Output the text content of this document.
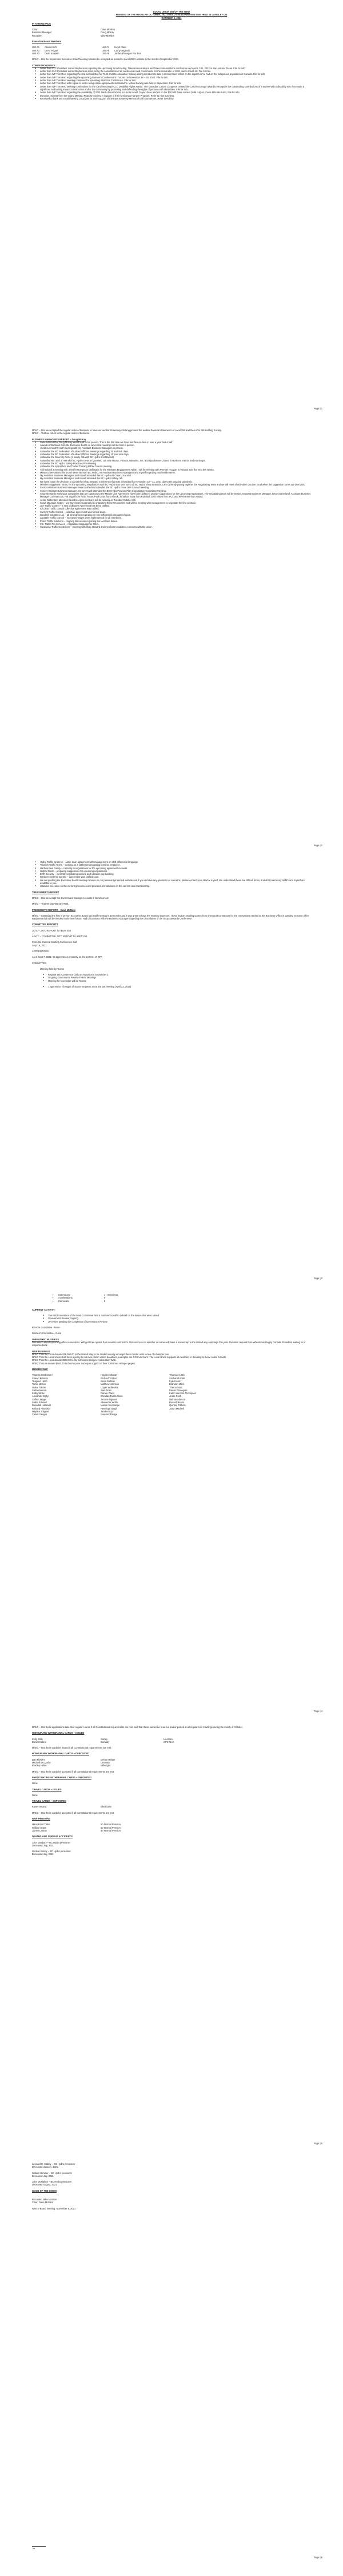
LOCAL UNION 258 OF THE IBEW

MINUTES OF THE REGULAR OCTOBER, 2021 EXECUTIVE BOARD MEETING HELD IN LANGLEY ON

OCTOBER 5, 2021

IN ATTENDANCE

Chair:	Dave McMinn
Business Manager:	Doug McKay
Recorder:	Mike McMinn

Executive Board Members

Unit #1	Alexis Kreft	Unit #4	Lloyd Clare
Unit #2	Gerry Pogue	Unit #5	Cathy Tegzarik
Unit #3	Dean Kolstein	Unit #6	Jordan Flanagan Pro Tem

M/S/C – that the September Executive Board Meeting Minutes be accepted as posted to Local 258's website in the month of September 2021.

CORRESPONDENCE

■ Letter from CLC President Lorne Stephenson regarding the upcoming Broadcasting, Telecommunications and Telecommunications conference on March 7-11, 2022 in San Antonio Texas. File for info.
■ Letter from CLC President Lorne Stephenson announcing the cancellation of all conferences and conventions for the remainder of 2021 due to Covid-19. File for info.
■ Letter from IVP Tom Reid regarding the 2nd biennial Day for Truth and Reconciliation holiday asking members to take a moment and reflect on the impact we've had on the Indigenous population in Canada. File for info.
■ Letter from IVP Tom Reid regarding the upcoming Women's Conference in Toronto on November 28 – 30, 2023. File for info.
■ Letter from IVP Tom Reid seeking nominees for upcoming Women's Conference. File for info.
■ Letter from IVP Tom Reid with regard to locals using online agreements submissions. Virtual training was held in September. File for info.
■ Letter from IVP Tom Reid seeking nominations for the Carol McGregor CLC Disability Rights Award. The Canadian Labour Congress created the Carol McGregor award to recognize the outstanding contributions of a worker with a disability who has made a significant and lasting impact in their union and/or the community by promoting and defending the rights of persons with disabilities. File for info.
■ Letter from IVP Tom Reid regarding the availability of 2021 Dash dinner tickets (no more to sell. To purchase a ticket on the $20,000 three contest (sold out) on phone 905-564-5441, File for info.
■ Donation request from the Grand Manitou Purpose Society in support of their Christmas Hamper Program. Refer to new business.
■ Received a thank you email thanking Local 258 for their support of the East Kootenay Memorial Golf tournament. Refer to Hollow.
Page | 1

M/S/C – that we accepted the regular order of business to have our auditor Rosemary Kitching present the audited financial statements of Local 258 and the Local 258 Holding Society.

M/S/C – That we return to the regular order of business.

BUSINESS MANAGER'S REPORT – Doug McKay

■ I was notified that Doug McKay would lead to his person. This is the first time we have met face-to-face in over a year and a half.
■ I await confirmation from the Executive Board on when Unit meetings will be held in person.
■ I held our monthly staff meeting with my Assistant Business Managers in person.
■ I attended the BC Federation of Labour Officers Meetings regarding 30 and sick days.
■ I attended the BC Federation of Labour Officers Meetings regarding 10 paid sick days.
■ I attended the Diversity Circle (3 safety call with BC Hydro and Mainsill).
■ I attended with and or met with BC Hydro crews in Quesnel, 100 Mile House, Victoria, Nanaimo, IVT, and Quadrature Cranes in Northern Interior and Kamloops.
■ I attended the BC Hydro Safety Practices Pre-Meeting.
■ I attended the Apprentice and Trades Training IBEW Caucus meeting.
■ I scheduled a meeting with Jennifer Hoegen in Chilliwack for the Ministers Engagement Table; I will be meeting with Premier Hoogan in Victoria over the next few weeks.
■ Many conversations this month were had with BC Hydro, my Assistant Business Managers and myself regarding mod entitlements.
■ My Assistant Business Managers and myself attended the BC Hydro All Crew Local visit.
■ My Assistant Business Managers and myself attended the BC Hydro Safety call.
■ We have made the decision to cancel the Shop Steward Conference that was scheduled for November 18 – 21, 2021 due to the ongoing pandemic.
■ Member Suggestion forms, for the upcoming negotiations with BC Hydro was sent out to all BC Hydro shop stewards. I am currently putting together the Negotiating Team and we will meet shortly after October 22nd when the suggestion forms are due back.
■ Senior Assistant Business Manager Jesse Sutherland attended the BC Hydro Front Line Council meeting.
■ Senior Assistant Business Manager Jim Greenwell attended the BC Hydro Pension Plan Consultative Committee Meeting.
■ Shop Stewards working at companies that are signatory to the Master Line Agreement have been asked to provide suggestions for the upcoming negotiations. The negotiating team will be Senior Assistant Business Manager Jesse Sutherland, Assistant Business Manager Lori Marcoux, Pat Vogel from Arctic Arrow, Paul Davis from Allteck, Jonathan Susa from Rokstad, Josh Nilsen from PCL and Kevin Kent from Valard.
■ Jesse Sutherland attended Deadline Agreement and will be running on Tuesday October 6th.
■ Crawl Mountain Hotels – we have been successful in organizing these UX workers and will be meeting with management to negotiate the first contract.
■ J&T Traffic Control – a new Collective Agreement has been ratified.
■ All Clear Traffic Control collective agreement was ratified.
■ Current Traffic Control – collective agreement was turned down.
■ Goodwill Industries Ltd. – all Grievances regarding on-site Differential was agreed upon.
■ Lanstafe Traffic Control – increased wages were implemented for all members.
■ Prime Traffic Solutions – ongoing discussion re-joining the local and bonus.
■ P.S. Traffic Pro Services – negotiated language for MSIA.
■ Steadwise Traffic Controllers – meeting with shop steward and members to address concerns with the union.
Page | 2
■ Valley Traffic Systems – came to an agreement with management on shift differential language.
■ Triumph Traffic Techs – working on a settlement regarding terminal employee.
■ Harbourview Family – currently in negotiations for the upcoming agreement renewal.
■ Helpful Fresh – preparing suggestions for upcoming negotiations.
■ BCR Security – currently negotiating vaccine and vacation pay banking.
■ Western Systems Control – agreement was ratified soon.
■ We are pushing the Executive Board meeting minutes on our password protected website and if you do have any questions or concerns, please contact your ABM or myself. We understand these are difficult times, and all B Interns my ABM's and myself are available to you.
■ Updated Executive on the current grievances and provided a breakdown on the current case membership.

TREASURER'S REPORT

M/S/C – that we accept the Current and Savings Accounts if found correct.

M/S/C – That we pay Warrant #691.

PRESIDENT'S REPORT – Dave McMinn

M/S/C – I attended the first in person Executive Board and Staff meeting in 18 months and it was great to have the meeting in person. I have had an pending quotes from sherwood contractors for the renovations needed at the Business Office in Langley on some office equipment that will be needed in the near future. Had discussions with the Business Manager regarding the cancellation of the Shop Stewards Conference.

COMMITTEE REPORTS

JATC – JATC REPORT for IBEW 258

AJATC – COMMITTEE JATC REPORT for IBEW 258

From the General Meeting Conference Call

Sept 16, 2021

APPRENTICES:

As of Sept 7, 2021: 60 apprentices presently on the system: 17 EPA

COMMITTEE:

Meeting held by Teams

■ Regular WE Conference calls on August and September 2
■ Ongoing Governance Review Teams Meetings
■ Meeting for November will be Teams
■ 1 apprentice "changes of status" requests since the last meeting (April 23, 2020)
Page | 3
•	Extensions:	1 - Interviews
•	Accelerations:	0
•	Removals:	0

CURRENT ACTIVITY:

■ The IBEW members of the Main Committee held a conference call to debrief on the issues that were raised.
■ Government Review ongoing
■ JP review pending the completion of Governance Review

REACH Committee - None

Women's Committee - None

UNFINISHED BUSINESS

Discussion about upcoming office renovations. Will get three quotes from several contractors. Discussion as to whether or not we will have a trained rep to the United way campaign this year. Donation request from Wheelchair Rugby Canada. President waiting for a response back.

NEW BUSINESS

M/S/C That the Local donate $18,000.00 to the United Way to be divided equally amongst the 6 charter units in lieu of a hamper tour.

M/S/C That the Local Union shall have a policy to not take part in online donations, examples are GO Fund Me's. The Local Union supports all members in donating to these online formats.

M/S/C That the Local donate $500.00 to the Kamloops Hospice Association Walk.

M/S/C That we donate $500.00 to the Purpose Society in support of their Christmas Hamper project.

MEMBERSHIP

Thomas Grisbrewer	Hayden Shantz	Thomas Austin
Shawn Brimner	Richard Trottier	Zachariah Flatt
Teagene Hebb	Kevin Matson	Kyle Kocrin
Tamis Meson	Matthew Johnson	Brandon Mock
Oskar Tricker	Logan Wollenhur	Theron Stott
Stefan Musca	Sam Ross	Panon Fernegate
Kolby White	Darren Oliver	Kalen Vancore Thompson
Alexander Egby	Brendan Dunhuhlson	Jesse Ford
Shifter Jaeger	Jerome Nguyen	Nathan Alarcon
Sadie Schmidt	Alexander Wolfe	Russell Banks
Reandall Hallsamt	Mason Stoniharpe	Quinton Tibbets
Richard Ahnecker	Penelope Singh	Justin Mitchell
Hayden Trapper	Jamie Krop
Calvin Geoger	David Kolbridge
Page | 4

M/S/C – that these applications take their regular course if all Constitutional requirements are met, and that these names be read out and/or posted at all regular Unit meetings during the month of October.

HONOURARY WITHDRAWAL CARDS – ISSUED

Kelly Wills	Surrey	Lineman
Daniel Cabral	Burnaby	CPC Tech

M/S/C – that these cards be issued if all Constitutional requirements are met.

HONOURARY WITHDRAWAL CARDS – DEPOSITED

Dan Kliewer	Dream Helper
Mitchell McCarthy	Lineman
Bradley Hilton	Millwright

M/S/C – that these cards be accepted if all Constitutional requirements are met.

PARTICIPATING WITHDRAWAL CARDS – DEPOSITED

None

TRAVEL CARDS – ISSUED

None

TRAVEL CARDS – DEPOSITED

Kasey Ireland	Electrician

M/S/C – that these cards be accepted if all Constitutional requirements are met.

NEW PENSIONS

Hans-Ernst Tiebe	50 Normal Pension
William Grant	50 Normal Pension
James Larson	50 Normal Pension

DEATHS AND SERIOUS ACCIDENTS

John Maxbury – BC Hydro pensioner

Deceased July, 2021

Gordon Kenny – BC Hydro pensioner

Deceased July, 2021

Page | 5

Leonard R. Mabey – BC Hydro pensioner

Deceased January, 2021

William Rimmer – BC Hydro pensioner

Deceased July, 2021

John McMahon – BC Hydro pensioner

Deceased August, 2021

GOOD OF THE UNION

Recorder: Mike McMinn

Chair: Dave McMinn

Next E-Board meeting: November 9, 2021

Jes
Page | 6
